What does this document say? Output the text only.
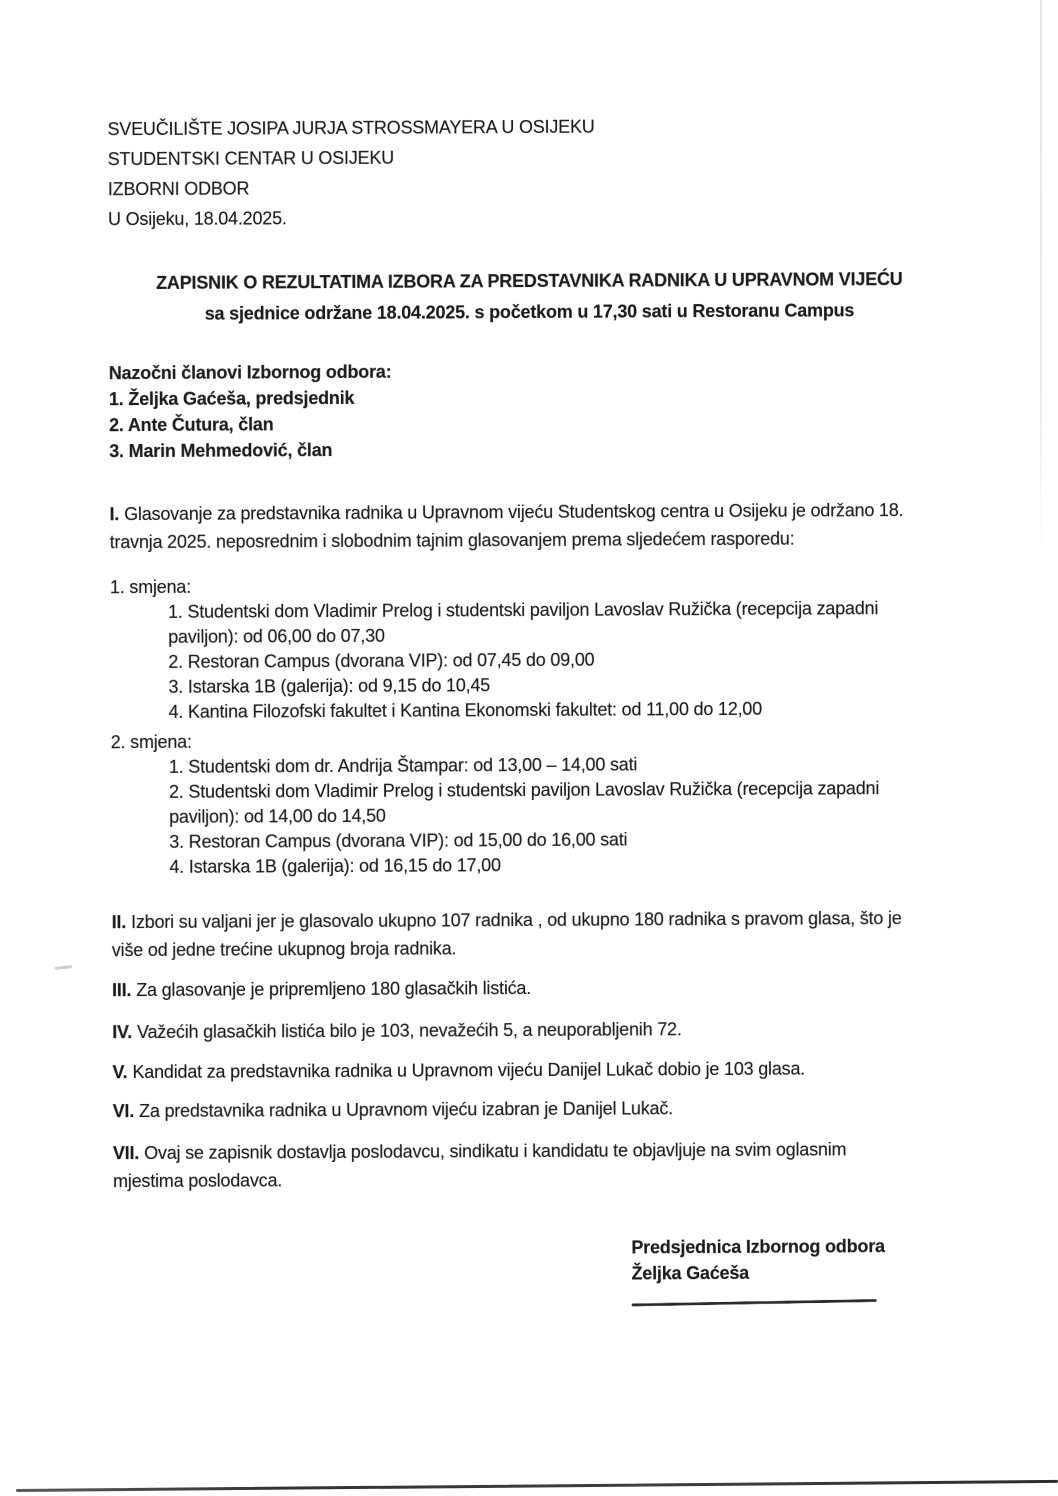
SVEUČILIŠTE JOSIPA JURJA STROSSMAYERA U OSIJEKU
STUDENTSKI CENTAR U OSIJEKU
IZBORNI ODBOR
U Osijeku, 18.04.2025.
ZAPISNIK O REZULTATIMA IZBORA ZA PREDSTAVNIKA RADNIKA U UPRAVNOM VIJEĆU
sa sjednice održane 18.04.2025. s početkom u 17,30 sati u Restoranu Campus
Nazočni članovi Izbornog odbora:
1. Željka Gaćeša, predsjednik
2. Ante Čutura, član
3. Marin Mehmedović, član
I. Glasovanje za predstavnika radnika u Upravnom vijeću Studentskog centra u Osijeku je održano 18.
travnja 2025. neposrednim i slobodnim tajnim glasovanjem prema sljedećem rasporedu:
1. smjena:
1. Studentski dom Vladimir Prelog i studentski paviljon Lavoslav Ružička (recepcija zapadni
paviljon): od 06,00 do 07,30
2. Restoran Campus (dvorana VIP): od 07,45 do 09,00
3. Istarska 1B (galerija): od 9,15 do 10,45
4. Kantina Filozofski fakultet i Kantina Ekonomski fakultet: od 11,00 do 12,00
2. smjena:
1. Studentski dom dr. Andrija Štampar: od 13,00 – 14,00 sati
2. Studentski dom Vladimir Prelog i studentski paviljon Lavoslav Ružička (recepcija zapadni
paviljon): od 14,00 do 14,50
3. Restoran Campus (dvorana VIP): od 15,00 do 16,00 sati
4. Istarska 1B (galerija): od 16,15 do 17,00
II. Izbori su valjani jer je glasovalo ukupno 107 radnika , od ukupno 180 radnika s pravom glasa, što je
više od jedne trećine ukupnog broja radnika.
III. Za glasovanje je pripremljeno 180 glasačkih listića.
IV. Važećih glasačkih listića bilo je 103, nevažećih 5, a neuporabljenih 72.
V. Kandidat za predstavnika radnika u Upravnom vijeću Danijel Lukač dobio je 103 glasa.
VI. Za predstavnika radnika u Upravnom vijeću izabran je Danijel Lukač.
VII. Ovaj se zapisnik dostavlja poslodavcu, sindikatu i kandidatu te objavljuje na svim oglasnim
mjestima poslodavca.
Predsjednica Izbornog odbora
Željka Gaćeša
